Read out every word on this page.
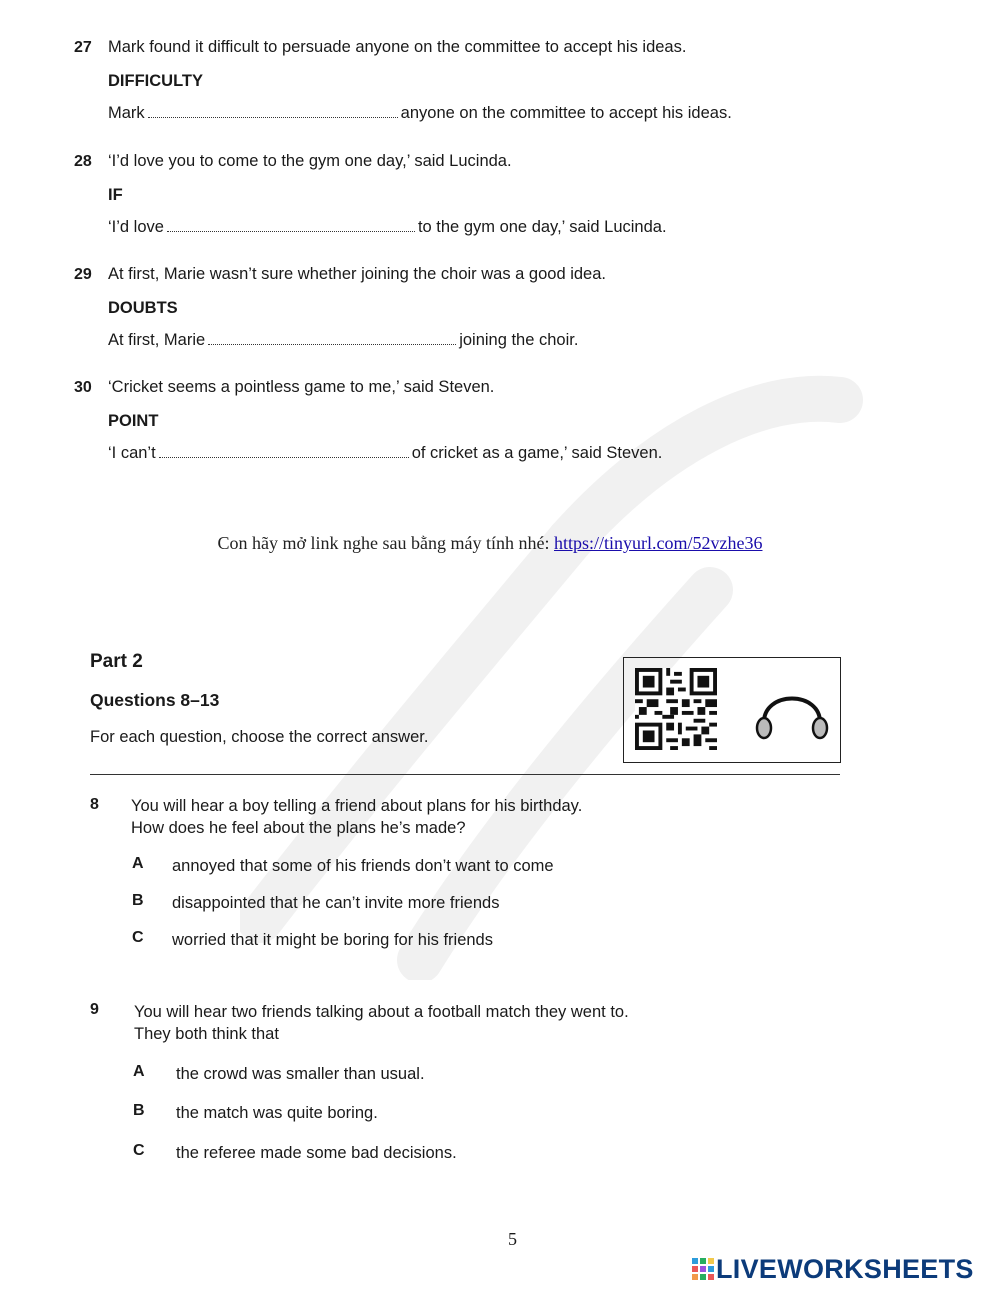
27 Mark found it difficult to persuade anyone on the committee to accept his ideas.
DIFFICULTY
Mark	anyone on the committee to accept his ideas.
28 ‘I’d love you to come to the gym one day,’ said Lucinda.
IF
‘I’d love	to the gym one day,’ said Lucinda.
29 At first, Marie wasn’t sure whether joining the choir was a good idea.
DOUBTS
At first, Marie	joining the choir.
30 ‘Cricket seems a pointless game to me,’ said Steven.
POINT
‘I can’t	of cricket as a game,’ said Steven.
Con hãy mở link nghe sau bằng máy tính nhé: https://tinyurl.com/52vzhe36
Part 2
Questions 8–13
For each question, choose the correct answer.
8 You will hear a boy telling a friend about plans for his birthday.
How does he feel about the plans he’s made?
A annoyed that some of his friends don’t want to come
B disappointed that he can’t invite more friends
C worried that it might be boring for his friends
9 You will hear two friends talking about a football match they went to.
They both think that
A the crowd was smaller than usual.
B the match was quite boring.
C the referee made some bad decisions.
5
LIVEWORKSHEETS
